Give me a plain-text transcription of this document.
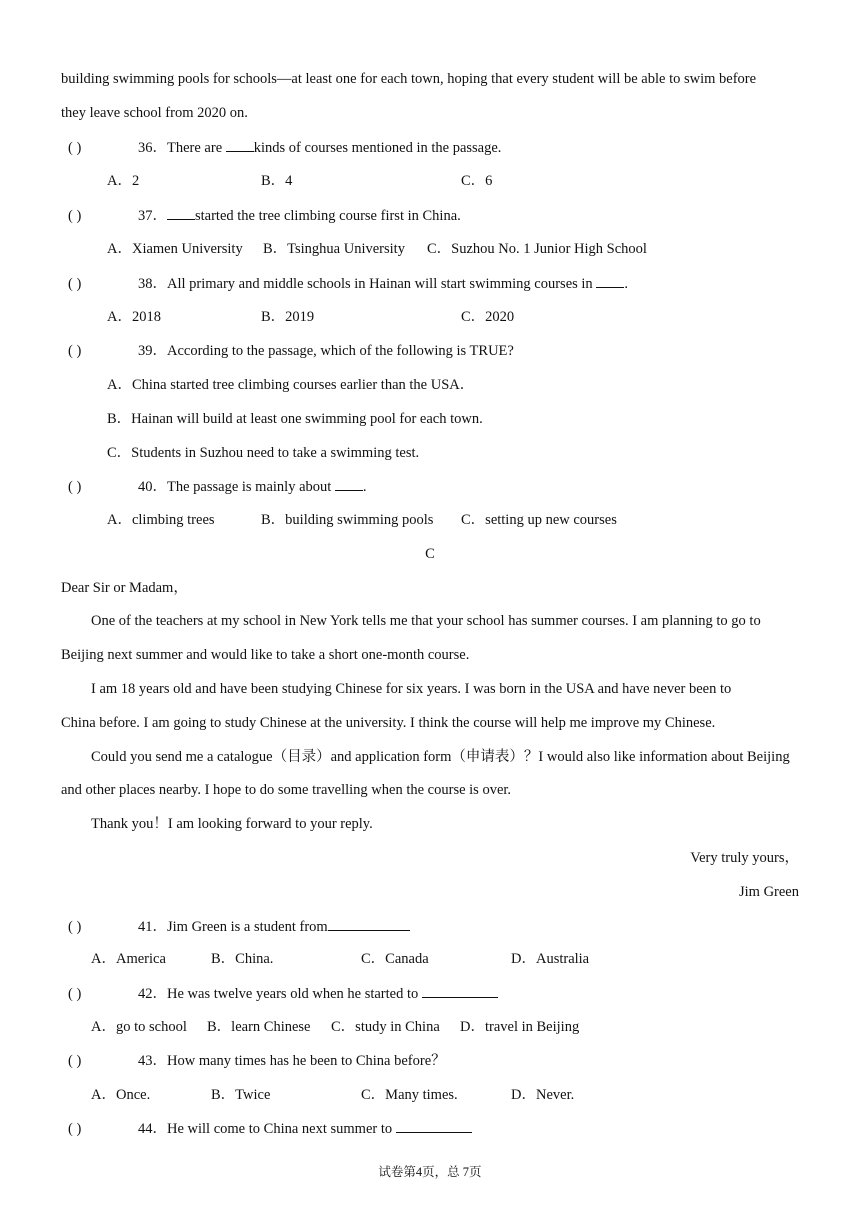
building swimming pools for schools—at least one for each town, hoping that every student will be able to swim before
they leave school from 2020 on.
( )	36．There are kinds of courses mentioned in the passage.
A．2	B．4	C．6
( )	37． started the tree climbing course first in China.
A．Xiamen University B．Tsinghua University C．Suzhou No. 1 Junior High School
( )	38．All primary and middle schools in Hainan will start swimming courses in .
A．2018	B．2019	C．2020
( )	39．According to the passage, which of the following is TRUE?
A．China started tree climbing courses earlier than the USA．
B．Hainan will build at least one swimming pool for each town.
C．Students in Suzhou need to take a swimming test.
( )	40．The passage is mainly about .
A．climbing trees	B．building swimming pools C．setting up new courses
C
Dear Sir or Madam，
One of the teachers at my school in New York tells me that your school has summer courses. I am planning to go to
Beijing next summer and would like to take a short one-month course.
I am 18 years old and have been studying Chinese for six years. I was born in the USA and have never been to
China before. I am going to study Chinese at the university. I think the course will help me improve my Chinese.
Could you send me a catalogue（目录）and application form（申请表）？I would also like information about Beijing
and other places nearby. I hope to do some travelling when the course is over.
Thank you！I am looking forward to your reply.
Very truly yours，
Jim Green
( )	41．Jim Green is a student from
A．America	B．China.	C．Canada	D．Australia
( )	42．He was twelve years old when he started to
A．go to school B．learn Chinese C．study in China D．travel in Beijing
( )	43．How many times has he been to China before？
A．Once.	B．Twice	C．Many times.	D．Never.
( )	44．He will come to China next summer to
试卷第4页，总 7页
